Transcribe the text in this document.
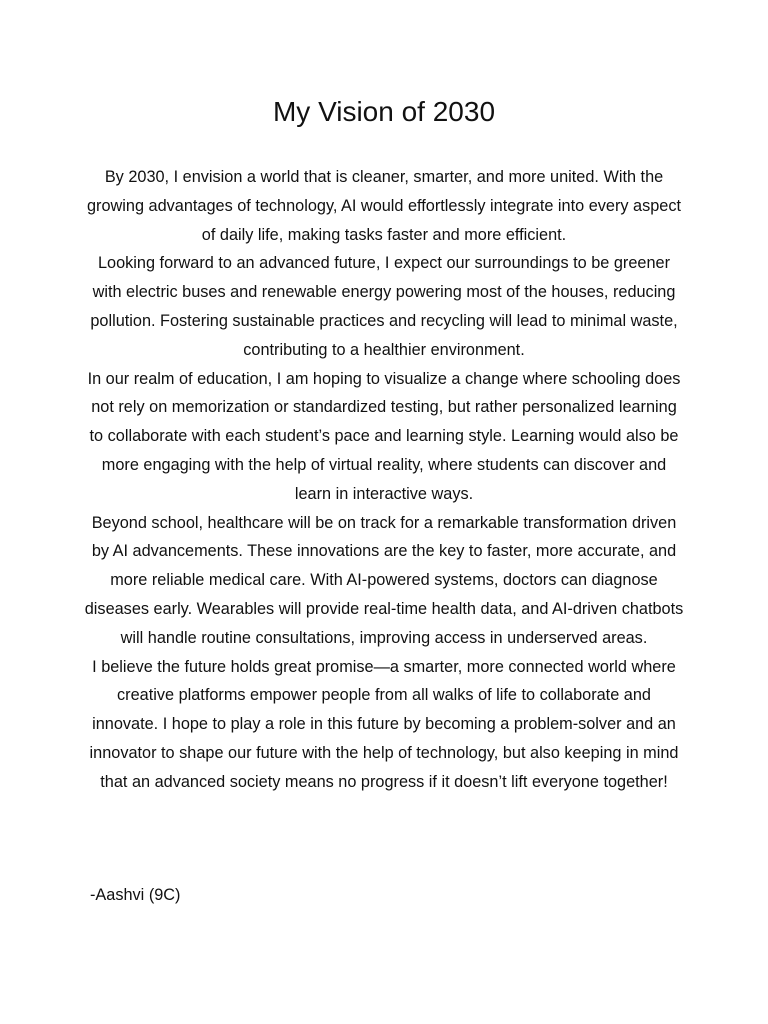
My Vision of 2030

By 2030, I envision a world that is cleaner, smarter, and more united. With the growing advantages of technology, AI would effortlessly integrate into every aspect of daily life, making tasks faster and more efficient.

Looking forward to an advanced future, I expect our surroundings to be greener with electric buses and renewable energy powering most of the houses, reducing pollution. Fostering sustainable practices and recycling will lead to minimal waste, contributing to a healthier environment.

In our realm of education, I am hoping to visualize a change where schooling does not rely on memorization or standardized testing, but rather personalized learning to collaborate with each student’s pace and learning style. Learning would also be more engaging with the help of virtual reality, where students can discover and learn in interactive ways.

Beyond school, healthcare will be on track for a remarkable transformation driven by AI advancements. These innovations are the key to faster, more accurate, and more reliable medical care. With AI-powered systems, doctors can diagnose diseases early. Wearables will provide real-time health data, and AI-driven chatbots will handle routine consultations, improving access in underserved areas.

I believe the future holds great promise—a smarter, more connected world where creative platforms empower people from all walks of life to collaborate and innovate. I hope to play a role in this future by becoming a problem-solver and an innovator to shape our future with the help of technology, but also keeping in mind that an advanced society means no progress if it doesn’t lift everyone together!

-Aashvi (9C)
